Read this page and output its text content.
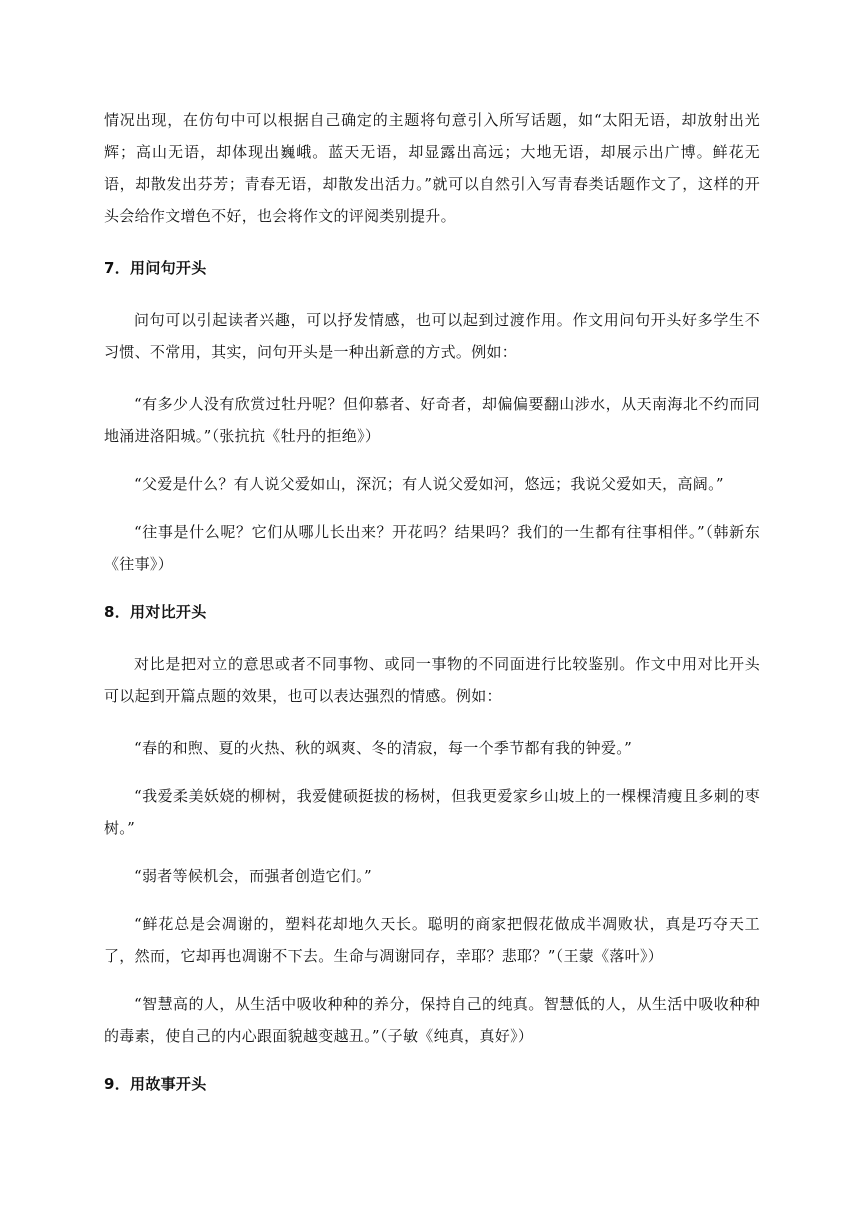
情况出现，在仿句中可以根据自己确定的主题将句意引入所写话题，如“太阳无语，却放射出光辉；高山无语，却体现出巍峨。蓝天无语，却显露出高远；大地无语，却展示出广博。鲜花无语，却散发出芬芳；青春无语，却散发出活力。”就可以自然引入写青春类话题作文了，这样的开头会给作文增色不好，也会将作文的评阅类别提升。

7．用问句开头

问句可以引起读者兴趣，可以抒发情感，也可以起到过渡作用。作文用问句开头好多学生不习惯、不常用，其实，问句开头是一种出新意的方式。例如：

“有多少人没有欣赏过牡丹呢？但仰慕者、好奇者，却偏偏要翻山涉水，从天南海北不约而同地涌进洛阳城。”（张抗抗《牡丹的拒绝》）

“父爱是什么？有人说父爱如山，深沉；有人说父爱如河，悠远；我说父爱如天，高阔。”

“往事是什么呢？它们从哪儿长出来？开花吗？结果吗？我们的一生都有往事相伴。”（韩新东《往事》）

8．用对比开头

对比是把对立的意思或者不同事物、或同一事物的不同面进行比较鉴别。作文中用对比开头可以起到开篇点题的效果，也可以表达强烈的情感。例如：

“春的和煦、夏的火热、秋的飒爽、冬的清寂，每一个季节都有我的钟爱。”

“我爱柔美妖娆的柳树，我爱健硕挺拔的杨树，但我更爱家乡山坡上的一棵棵清瘦且多刺的枣树。”

“弱者等候机会，而强者创造它们。”

“鲜花总是会凋谢的，塑料花却地久天长。聪明的商家把假花做成半凋败状，真是巧夺天工了，然而，它却再也凋谢不下去。生命与凋谢同存，幸耶？悲耶？”（王蒙《落叶》）

“智慧高的人，从生活中吸收种种的养分，保持自己的纯真。智慧低的人，从生活中吸收种种的毒素，使自己的内心跟面貌越变越丑。”（子敏《纯真，真好》）

9．用故事开头
